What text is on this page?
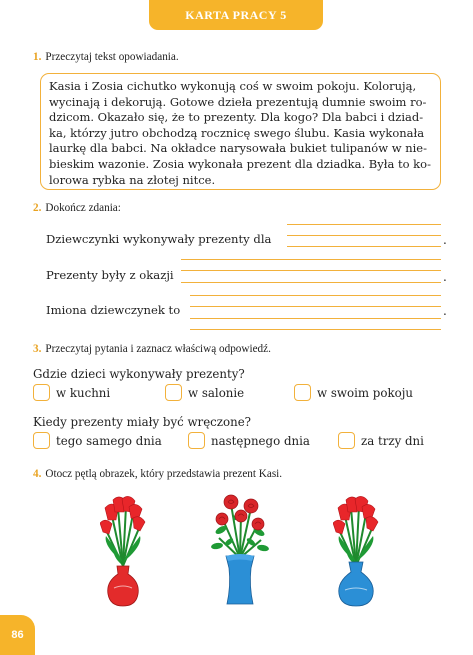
KARTA PRACY 5
1. Przeczytaj tekst opowiadania.
Kasia i Zosia cichutko wykonują coś w swoim pokoju. Kolorują,
wycinają i dekorują. Gotowe dzieła prezentują dumnie swoim ro-
dzicom. Okazało się, że to prezenty. Dla kogo? Dla babci i dziad-
ka, którzy jutro obchodzą rocznicę swego ślubu. Kasia wykonała
laurkę dla babci. Na okładce narysowała bukiet tulipanów w nie-
bieskim wazonie. Zosia wykonała prezent dla dziadka. Była to ko-
lorowa rybka na złotej nitce.
2. Dokończ zdania:
Dziewczynki wykonywały prezenty dla	.
Prezenty były z okazji	.
Imiona dziewczynek to	.
3. Przeczytaj pytania i zaznacz właściwą odpowiedź.
Gdzie dzieci wykonywały prezenty?
w kuchni	w salonie	w swoim pokoju
Kiedy prezenty miały być wręczone?
tego samego dnia	następnego dnia	za trzy dni
4. Otocz pętlą obrazek, który przedstawia prezent Kasi.
86
